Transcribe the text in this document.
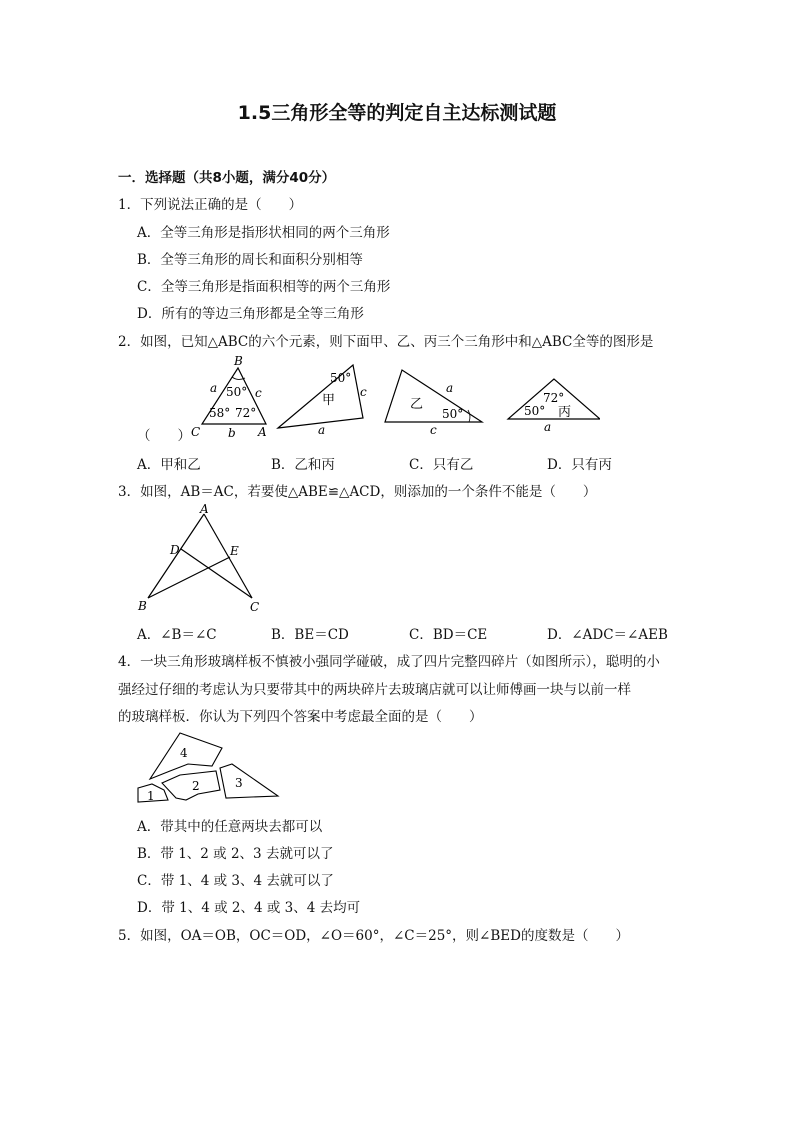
1.5三角形全等的判定自主达标测试题
一．选择题（共8小题，满分40分）
1．下列说法正确的是（　　）
A．全等三角形是指形状相同的两个三角形
B．全等三角形的周长和面积分别相等
C．全等三角形是指面积相等的两个三角形
D．所有的等边三角形都是全等三角形
2．如图，已知△ABC的六个元素，则下面甲、乙、丙三个三角形中和△ABC全等的图形是
（　　）
B
C	A
a	c
b
50°
58° 72°
50°
甲
c
a
乙
50°
a
c
72°
50° 丙
a
A．甲和乙	B．乙和丙	C．只有乙	D．只有丙
3．如图，AB＝AC，若要使△ABE≌△ACD，则添加的一个条件不能是（　　）
A
D	E
B	C
A．∠B＝∠C	B．BE＝CD	C．BD＝CE	D．∠ADC＝∠AEB
4．一块三角形玻璃样板不慎被小强同学碰破，成了四片完整四碎片（如图所示），聪明的小
强经过仔细的考虑认为只要带其中的两块碎片去玻璃店就可以让师傅画一块与以前一样
的玻璃样板．你认为下列四个答案中考虑最全面的是（　　）
4
2	3
1
A．带其中的任意两块去都可以
B．带 1、2 或 2、3 去就可以了
C．带 1、4 或 3、4 去就可以了
D．带 1、4 或 2、4 或 3、4 去均可
5．如图，OA＝OB，OC＝OD，∠O＝60°，∠C＝25°，则∠BED的度数是（　　）
